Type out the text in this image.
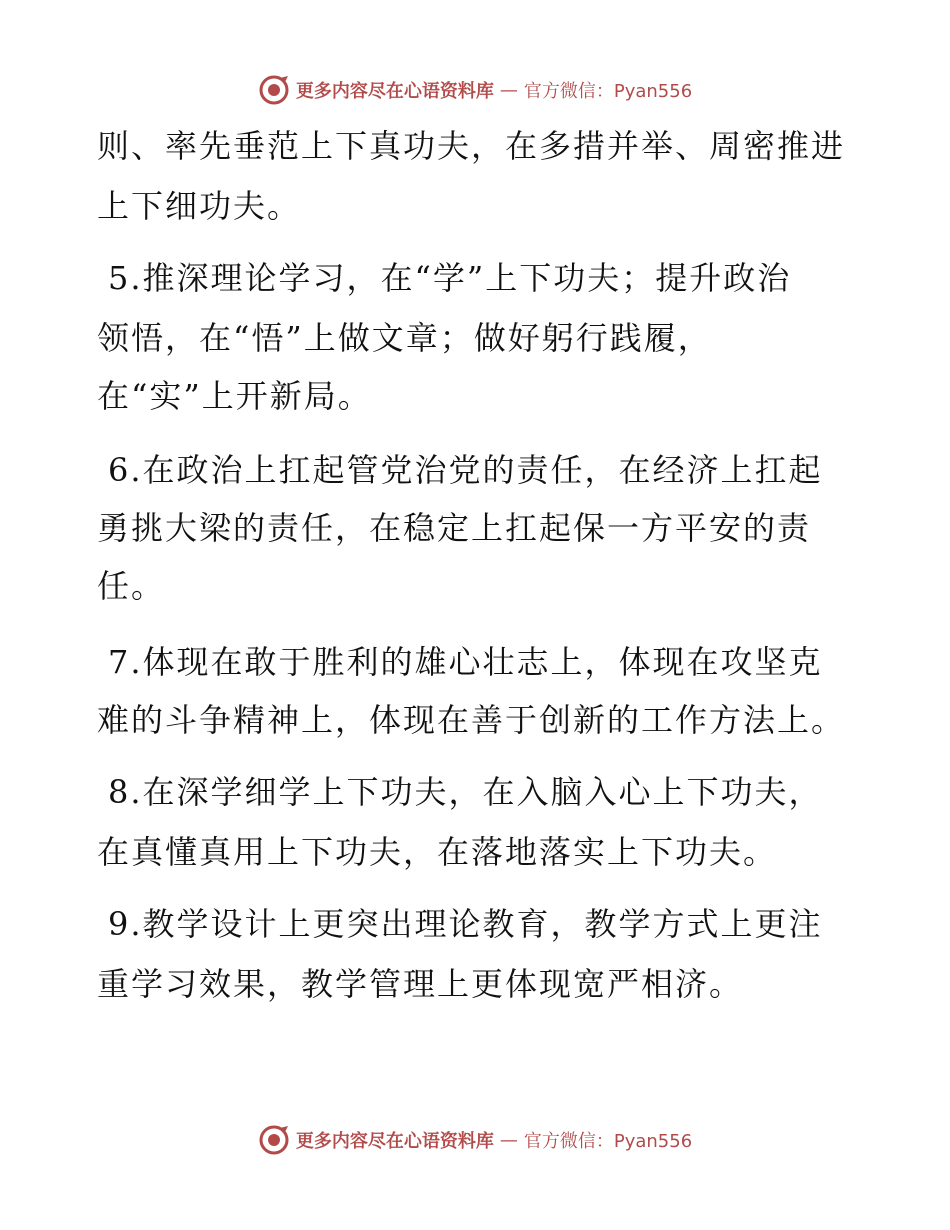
更多内容尽在心语资料库 — 官方微信：Pyan556
则、率先垂范上下真功夫，在多措并举、周密推进
上下细功夫。
5.推深理论学习，在“学”上下功夫；提升政治
领悟，在“悟”上做文章；做好躬行践履，
在“实”上开新局。
6.在政治上扛起管党治党的责任，在经济上扛起
勇挑大梁的责任，在稳定上扛起保一方平安的责
任。
7.体现在敢于胜利的雄心壮志上，体现在攻坚克
难的斗争精神上，体现在善于创新的工作方法上。
8.在深学细学上下功夫，在入脑入心上下功夫，
在真懂真用上下功夫，在落地落实上下功夫。
9.教学设计上更突出理论教育，教学方式上更注
重学习效果，教学管理上更体现宽严相济。
更多内容尽在心语资料库 — 官方微信：Pyan556
